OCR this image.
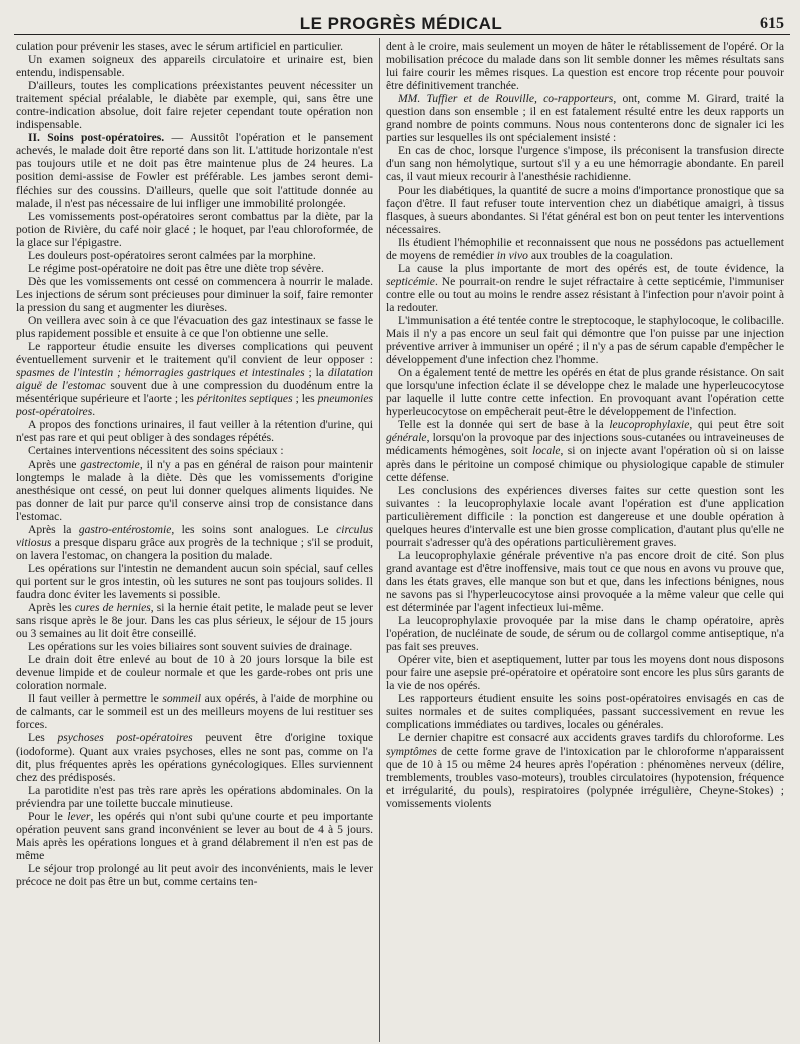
LE PROGRÈS MÉDICAL	615

culation pour prévenir les stases, avec le sérum artificiel en particulier.

Un examen soigneux des appareils circulatoire et urinaire est, bien entendu, indispensable.

D'ailleurs, toutes les complications préexistantes peuvent nécessiter un traitement spécial préalable, le diabète par exemple, qui, sans être une contre-indication absolue, doit faire rejeter cependant toute opération non indispensable.

II. Soins post-opératoires. — Aussitôt l'opération et le pansement achevés, le malade doit être reporté dans son lit. L'attitude horizontale n'est pas toujours utile et ne doit pas être maintenue plus de 24 heures. La position demi-assise de Fowler est préférable. Les jambes seront demi-fléchies sur des coussins. D'ailleurs, quelle que soit l'attitude donnée au malade, il n'est pas nécessaire de lui infliger une immobilité prolongée.

Les vomissements post-opératoires seront combattus par la diète, par la potion de Rivière, du café noir glacé ; le hoquet, par l'eau chloroformée, de la glace sur l'épigastre.

Les douleurs post-opératoires seront calmées par la morphine.

Le régime post-opératoire ne doit pas être une diète trop sévère.

Dès que les vomissements ont cessé on commencera à nourrir le malade. Les injections de sérum sont précieuses pour diminuer la soif, faire remonter la pression du sang et augmenter les diurèses.

On veillera avec soin à ce que l'évacuation des gaz intestinaux se fasse le plus rapidement possible et ensuite à ce que l'on obtienne une selle.

Le rapporteur étudie ensuite les diverses complications qui peuvent éventuellement survenir et le traitement qu'il convient de leur opposer : spasmes de l'intestin ; hémorragies gastriques et intestinales ; la dilatation aiguë de l'estomac souvent due à une compression du duodénum entre la mésentérique supérieure et l'aorte ; les péritonites septiques ; les pneumonies post-opératoires.

A propos des fonctions urinaires, il faut veiller à la rétention d'urine, qui n'est pas rare et qui peut obliger à des sondages répétés.

Certaines interventions nécessitent des soins spéciaux :

Après une gastrectomie, il n'y a pas en général de raison pour maintenir longtemps le malade à la diète. Dès que les vomissements d'origine anesthésique ont cessé, on peut lui donner quelques aliments liquides. Ne pas donner de lait pur parce qu'il conserve ainsi trop de consistance dans l'estomac.

Après la gastro-entérostomie, les soins sont analogues. Le circulus vitiosus a presque disparu grâce aux progrès de la technique ; s'il se produit, on lavera l'estomac, on changera la position du malade.

Les opérations sur l'intestin ne demandent aucun soin spécial, sauf celles qui portent sur le gros intestin, où les sutures ne sont pas toujours solides. Il faudra donc éviter les lavements si possible.

Après les cures de hernies, si la hernie était petite, le malade peut se lever sans risque après le 8e jour. Dans les cas plus sérieux, le séjour de 15 jours ou 3 semaines au lit doit être conseillé.

Les opérations sur les voies biliaires sont souvent suivies de drainage.

Le drain doit être enlevé au bout de 10 à 20 jours lorsque la bile est devenue limpide et de couleur normale et que les garde-robes ont pris une coloration normale.

Il faut veiller à permettre le sommeil aux opérés, à l'aide de morphine ou de calmants, car le sommeil est un des meilleurs moyens de lui restituer ses forces.

Les psychoses post-opératoires peuvent être d'origine toxique (iodoforme). Quant aux vraies psychoses, elles ne sont pas, comme on l'a dit, plus fréquentes après les opérations gynécologiques. Elles surviennent chez des prédisposés.

La parotidite n'est pas très rare après les opérations abdominales. On la préviendra par une toilette buccale minutieuse.

Pour le lever, les opérés qui n'ont subi qu'une courte et peu importante opération peuvent sans grand inconvénient se lever au bout de 4 à 5 jours. Mais après les opérations longues et à grand délabrement il n'en est pas de même

Le séjour trop prolongé au lit peut avoir des inconvénients, mais le lever précoce ne doit pas être un but, comme certains ten-

dent à le croire, mais seulement un moyen de hâter le rétablissement de l'opéré. Or la mobilisation précoce du malade dans son lit semble donner les mêmes résultats sans lui faire courir les mêmes risques. La question est encore trop récente pour pouvoir être définitivement tranchée.

MM. Tuffier et de Rouville, co-rapporteurs, ont, comme M. Girard, traité la question dans son ensemble ; il en est fatalement résulté entre les deux rapports un grand nombre de points communs. Nous nous contenterons donc de signaler ici les parties sur lesquelles ils ont spécialement insisté :

En cas de choc, lorsque l'urgence s'impose, ils préconisent la transfusion directe d'un sang non hémolytique, surtout s'il y a eu une hémorragie abondante. En pareil cas, il vaut mieux recourir à l'anesthésie rachidienne.

Pour les diabétiques, la quantité de sucre a moins d'importance pronostique que sa façon d'être. Il faut refuser toute intervention chez un diabétique amaigri, à tissus flasques, à sueurs abondantes. Si l'état général est bon on peut tenter les interventions nécessaires.

Ils étudient l'hémophilie et reconnaissent que nous ne possédons pas actuellement de moyens de remédier in vivo aux troubles de la coagulation.

La cause la plus importante de mort des opérés est, de toute évidence, la septicémie. Ne pourrait-on rendre le sujet réfractaire à cette septicémie, l'immuniser contre elle ou tout au moins le rendre assez résistant à l'infection pour n'avoir point à la redouter.

L'immunisation a été tentée contre le streptocoque, le staphylocoque, le colibacille. Mais il n'y a pas encore un seul fait qui démontre que l'on puisse par une injection préventive arriver à immuniser un opéré ; il n'y a pas de sérum capable d'empêcher le développement d'une infection chez l'homme.

On a également tenté de mettre les opérés en état de plus grande résistance. On sait que lorsqu'une infection éclate il se développe chez le malade une hyperleucocytose par laquelle il lutte contre cette infection. En provoquant avant l'opération cette hyperleucocytose on empêcherait peut-être le développement de l'infection.

Telle est la donnée qui sert de base à la leucoprophylaxie, qui peut être soit générale, lorsqu'on la provoque par des injections sous-cutanées ou intraveineuses de médicaments hémogènes, soit locale, si on injecte avant l'opération où si on laisse après dans le péritoine un composé chimique ou physiologique capable de stimuler cette défense.

Les conclusions des expériences diverses faites sur cette question sont les suivantes : la leucoprophylaxie locale avant l'opération est d'une application particulièrement difficile : la ponction est dangereuse et une double opération à quelques heures d'intervalle est une bien grosse complication, d'autant plus qu'elle ne pourrait s'adresser qu'à des opérations particulièrement graves.

La leucoprophylaxie générale préventive n'a pas encore droit de cité. Son plus grand avantage est d'être inoffensive, mais tout ce que nous en avons vu prouve que, dans les états graves, elle manque son but et que, dans les infections bénignes, nous ne savons pas si l'hyperleucocytose ainsi provoquée a la même valeur que celle qui est déterminée par l'agent infectieux lui-même.

La leucoprophylaxie provoquée par la mise dans le champ opératoire, après l'opération, de nucléinate de soude, de sérum ou de collargol comme antiseptique, n'a pas fait ses preuves.

Opérer vite, bien et aseptiquement, lutter par tous les moyens dont nous disposons pour faire une asepsie pré-opératoire et opératoire sont encore les plus sûrs garants de la vie de nos opérés.

Les rapporteurs étudient ensuite les soins post-opératoires envisagés en cas de suites normales et de suites compliquées, passant successivement en revue les complications immédiates ou tardives, locales ou générales.

Le dernier chapitre est consacré aux accidents graves tardifs du chloroforme. Les symptômes de cette forme grave de l'intoxication par le chloroforme n'apparaissent que de 10 à 15 ou même 24 heures après l'opération : phénomènes nerveux (délire, tremblements, troubles vaso-moteurs), troubles circulatoires (hypotension, fréquence et irrégularité, du pouls), respiratoires (polypnée irrégulière, Cheyne-Stokes) ; vomissements violents
